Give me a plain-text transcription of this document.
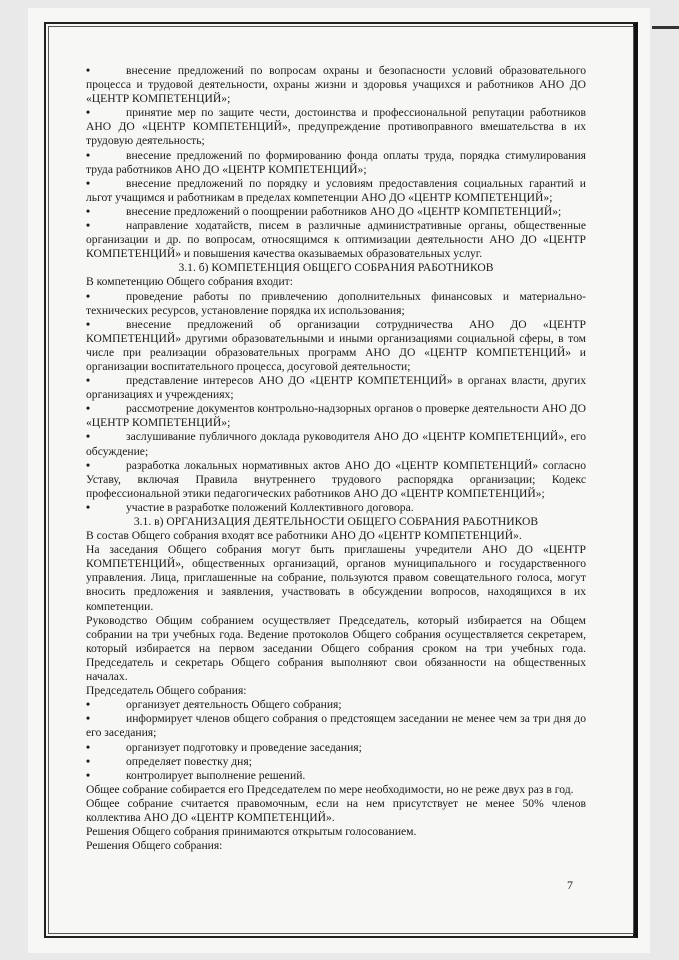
•	внесение предложений по вопросам охраны и безопасности условий образовательного процесса и трудовой деятельности, охраны жизни и здоровья учащихся и работников АНО ДО «ЦЕНТР КОМПЕТЕНЦИЙ»;

•	принятие мер по защите чести, достоинства и профессиональной репутации работников АНО ДО «ЦЕНТР КОМПЕТЕНЦИЙ», предупреждение противоправного вмешательства в их трудовую деятельность;

•	внесение предложений по формированию фонда оплаты труда, порядка стимулирования труда работников АНО ДО «ЦЕНТР КОМПЕТЕНЦИЙ»;

•	внесение предложений по порядку и условиям предоставления социальных гарантий и льгот учащимся и работникам в пределах компетенции АНО ДО «ЦЕНТР КОМПЕТЕНЦИЙ»;

•	внесение предложений о поощрении работников АНО ДО «ЦЕНТР КОМПЕТЕНЦИЙ»;

•	направление ходатайств, писем в различные административные органы, общественные организации и др. по вопросам, относящимся к оптимизации деятельности АНО ДО «ЦЕНТР КОМПЕТЕНЦИЙ» и повышения качества оказываемых образовательных услуг.

3.1. б) КОМПЕТЕНЦИЯ ОБЩЕГО СОБРАНИЯ РАБОТНИКОВ

В компетенцию Общего собрания входит:

•	проведение работы по привлечению дополнительных финансовых и материально-технических ресурсов, установление порядка их использования;

•	внесение предложений об организации сотрудничества АНО ДО «ЦЕНТР КОМПЕТЕНЦИЙ» другими образовательными и иными организациями социальной сферы, в том числе при реализации образовательных программ АНО ДО «ЦЕНТР КОМПЕТЕНЦИЙ» и организации воспитательного процесса, досуговой деятельности;

•	представление интересов АНО ДО «ЦЕНТР КОМПЕТЕНЦИЙ» в органах власти, других организациях и учреждениях;

•	рассмотрение документов контрольно-надзорных органов о проверке деятельности АНО ДО «ЦЕНТР КОМПЕТЕНЦИЙ»;

•	заслушивание публичного доклада руководителя АНО ДО «ЦЕНТР КОМПЕТЕНЦИЙ», его обсуждение;

•	разработка локальных нормативных актов АНО ДО «ЦЕНТР КОМПЕТЕНЦИЙ» согласно Уставу, включая Правила внутреннего трудового распорядка организации; Кодекс профессиональной этики педагогических работников АНО ДО «ЦЕНТР КОМПЕТЕНЦИЙ»;

•	участие в разработке положений Коллективного договора.

3.1. в) ОРГАНИЗАЦИЯ ДЕЯТЕЛЬНОСТИ ОБЩЕГО СОБРАНИЯ РАБОТНИКОВ

В состав Общего собрания входят все работники АНО ДО «ЦЕНТР КОМПЕТЕНЦИЙ».

На заседания Общего собрания могут быть приглашены учредители АНО ДО «ЦЕНТР КОМПЕТЕНЦИЙ», общественных организаций, органов муниципального и государственного управления. Лица, приглашенные на собрание, пользуются правом совещательного голоса, могут вносить предложения и заявления, участвовать в обсуждении вопросов, находящихся в их компетенции.

Руководство Общим собранием осуществляет Председатель, который избирается на Общем собрании на три учебных года. Ведение протоколов Общего собрания осуществляется секретарем, который избирается на первом заседании Общего собрания сроком на три учебных года. Председатель и секретарь Общего собрания выполняют свои обязанности на общественных началах.

Председатель Общего собрания:

•	организует деятельность Общего собрания;

•	информирует членов общего собрания о предстоящем заседании не менее чем за три дня до его заседания;

•	организует подготовку и проведение заседания;

•	определяет повестку дня;

•	контролирует выполнение решений.

Общее собрание собирается его Председателем по мере необходимости, но не реже двух раз в год.

Общее собрание считается правомочным, если на нем присутствует не менее 50% членов коллектива АНО ДО «ЦЕНТР КОМПЕТЕНЦИЙ».

Решения Общего собрания принимаются открытым голосованием.

Решения Общего собрания:

7
